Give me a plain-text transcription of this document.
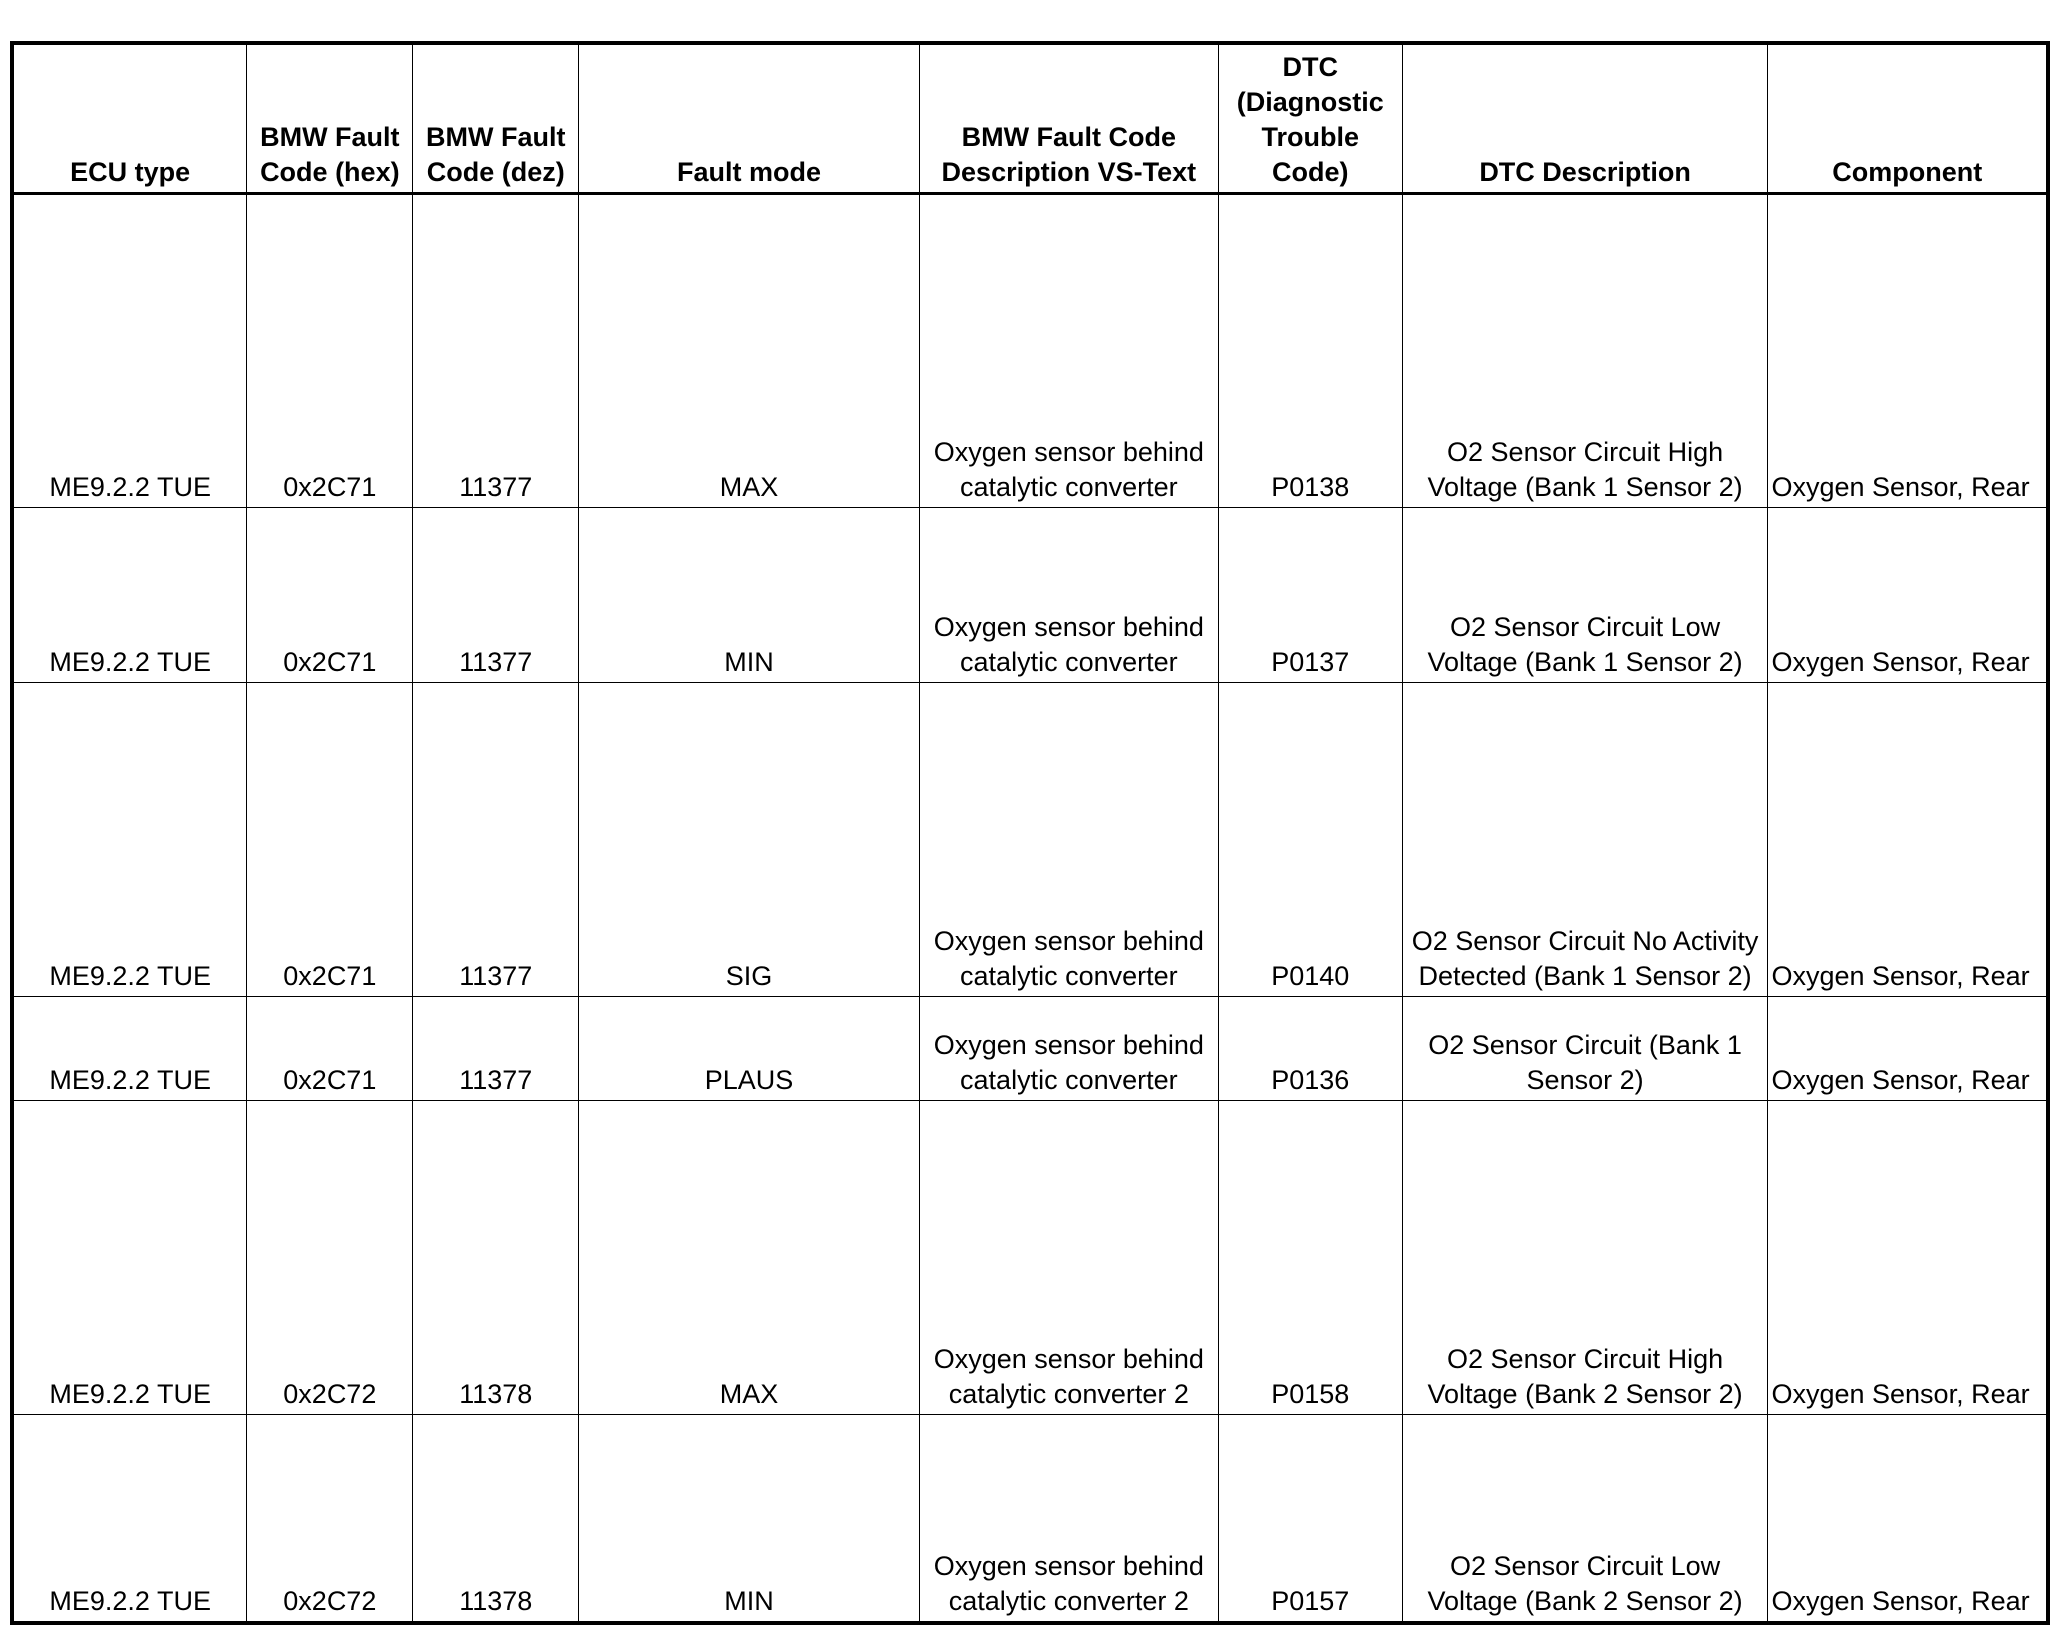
ECU type	BMW Fault
Code (hex)	BMW Fault
Code (dez)	Fault mode	BMW Fault Code
Description VS-Text	DTC
(Diagnostic
Trouble
Code)	DTC Description	Component
ME9.2.2 TUE	0x2C71	11377	MAX	Oxygen sensor behind
catalytic converter	P0138	O2 Sensor Circuit High
Voltage (Bank 1 Sensor 2)	Oxygen Sensor, Rear
ME9.2.2 TUE	0x2C71	11377	MIN	Oxygen sensor behind
catalytic converter	P0137	O2 Sensor Circuit Low
Voltage (Bank 1 Sensor 2)	Oxygen Sensor, Rear
ME9.2.2 TUE	0x2C71	11377	SIG	Oxygen sensor behind
catalytic converter	P0140	O2 Sensor Circuit No Activity
Detected (Bank 1 Sensor 2)	Oxygen Sensor, Rear
ME9.2.2 TUE	0x2C71	11377	PLAUS	Oxygen sensor behind
catalytic converter	P0136	O2 Sensor Circuit (Bank 1
Sensor 2)	Oxygen Sensor, Rear
ME9.2.2 TUE	0x2C72	11378	MAX	Oxygen sensor behind
catalytic converter 2	P0158	O2 Sensor Circuit High
Voltage (Bank 2 Sensor 2)	Oxygen Sensor, Rear
ME9.2.2 TUE	0x2C72	11378	MIN	Oxygen sensor behind
catalytic converter 2	P0157	O2 Sensor Circuit Low
Voltage (Bank 2 Sensor 2)	Oxygen Sensor, Rear
